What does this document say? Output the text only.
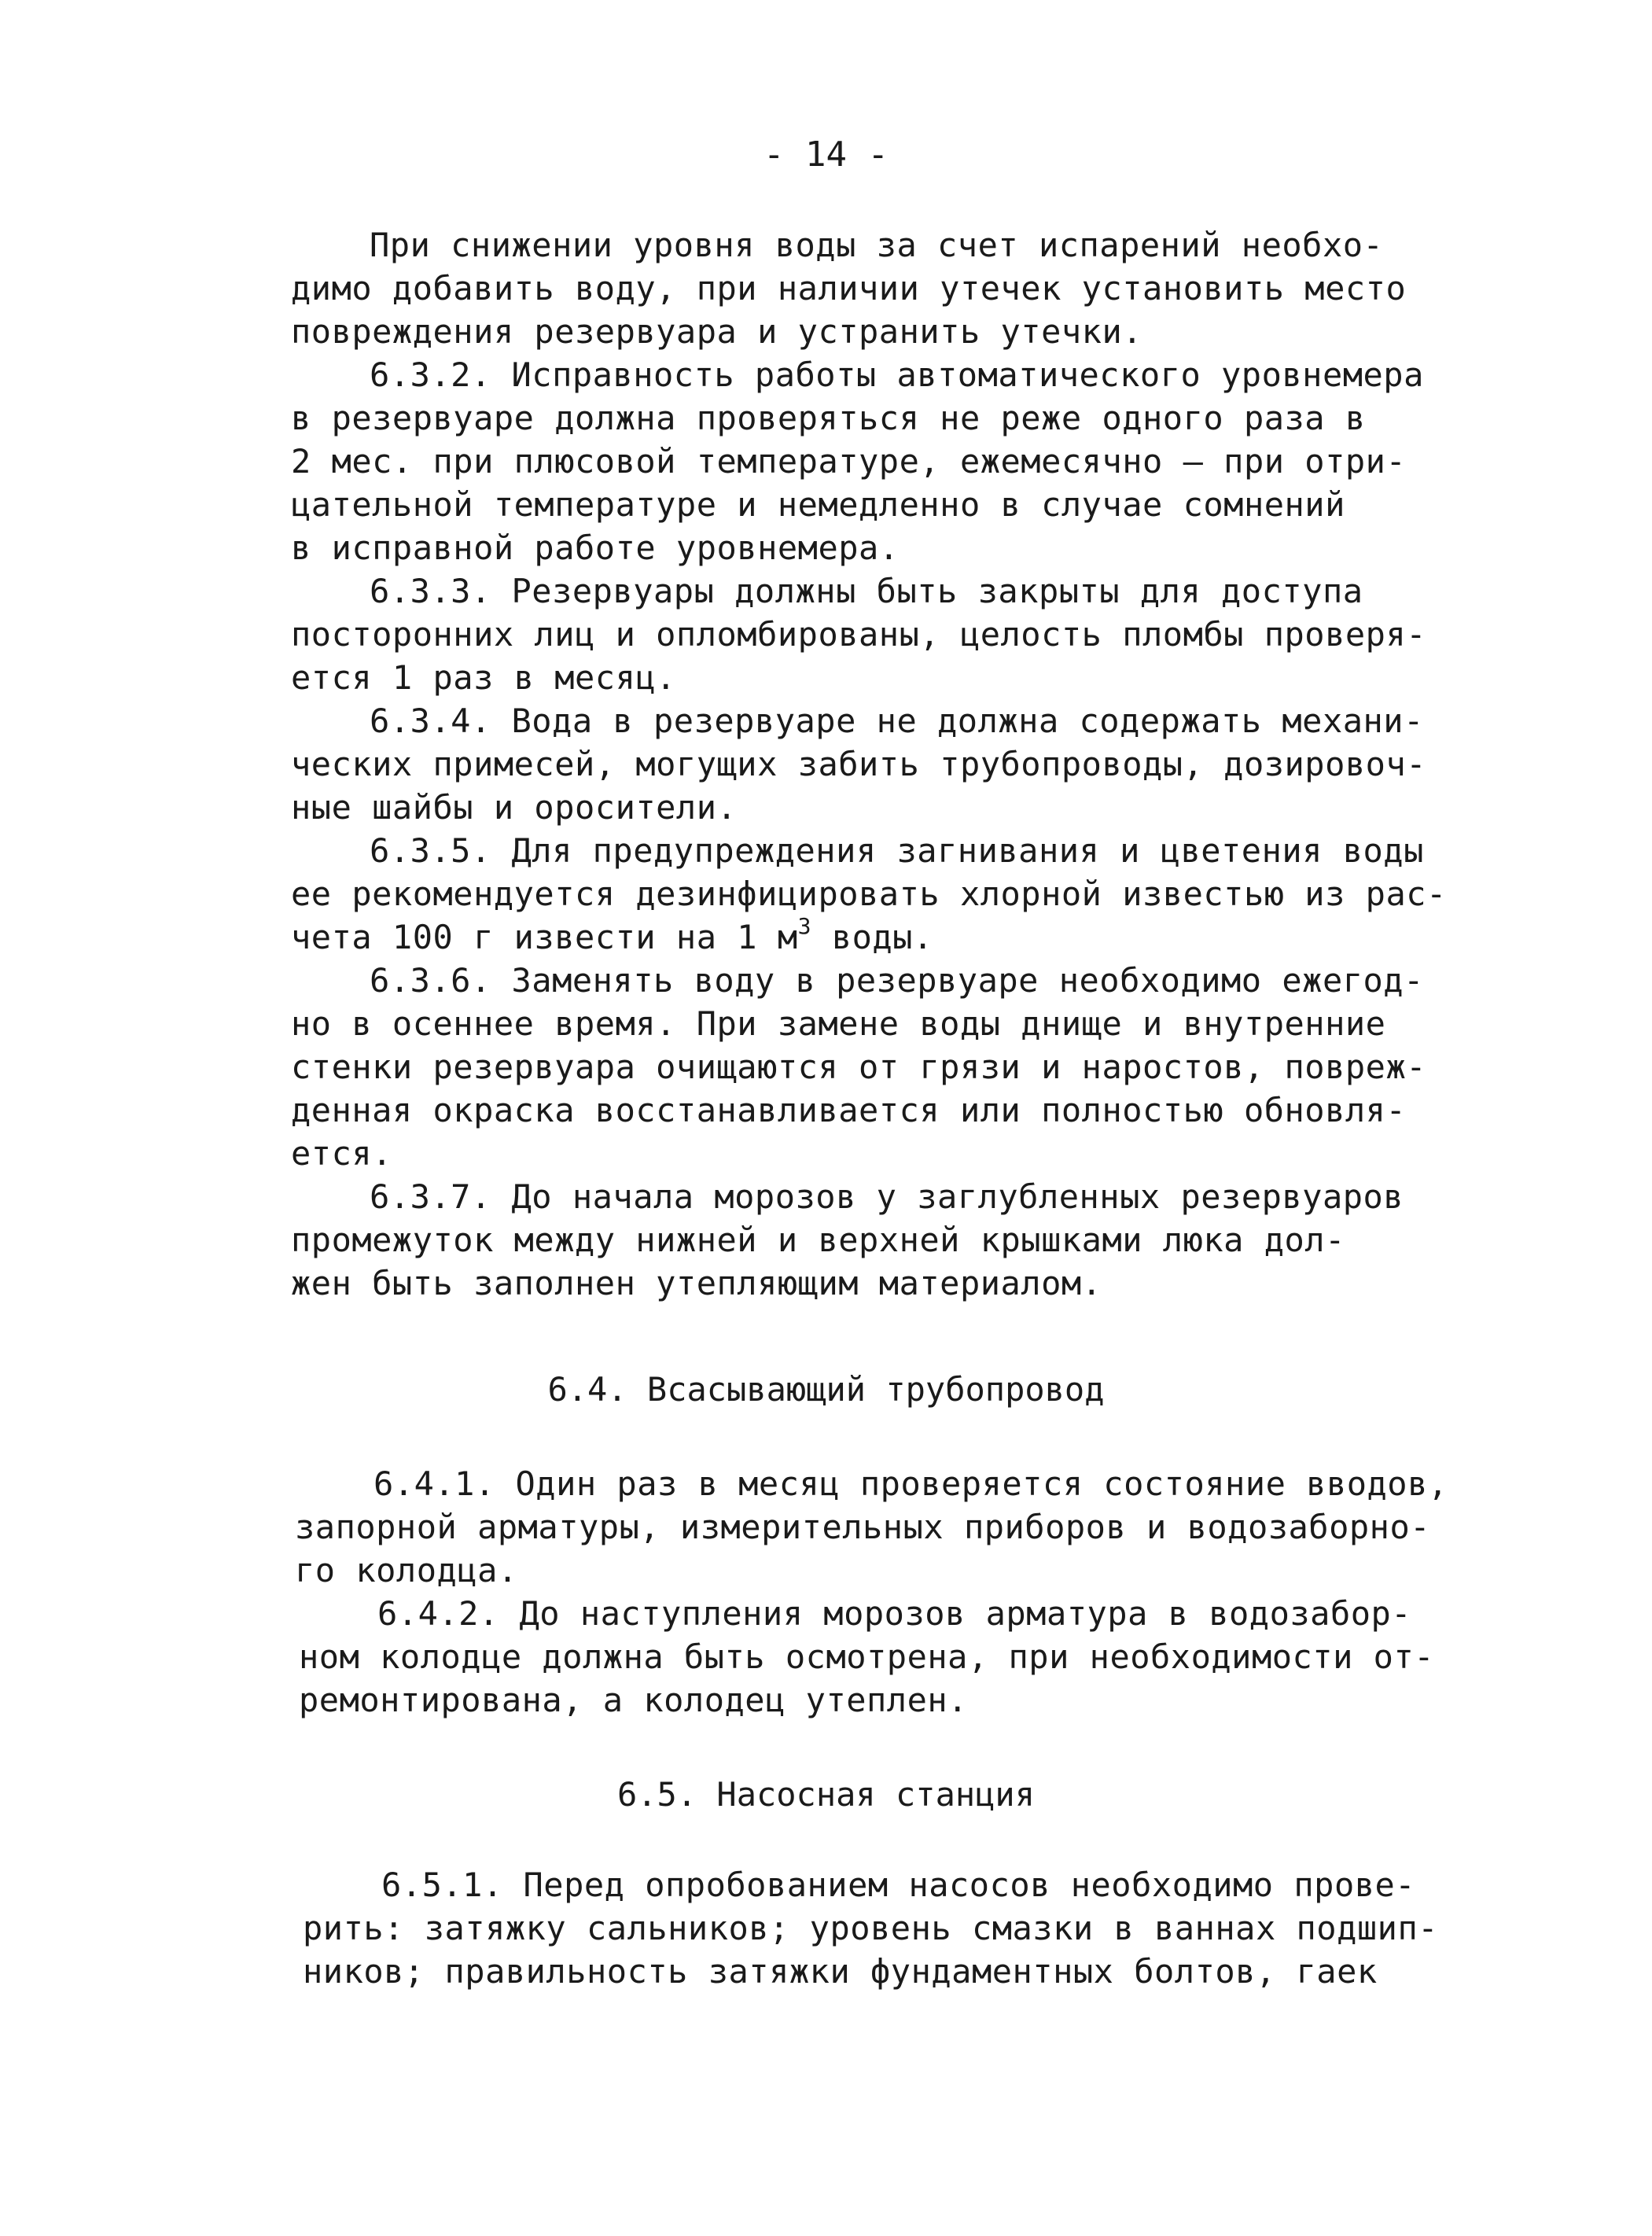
- 14 -
При снижении уровня воды за счет испарений необхо-
димо добавить воду, при наличии утечек установить место
повреждения резервуара и устранить утечки.
6.3.2. Исправность работы автоматического уровнемера
в резервуаре должна проверяться не реже одного раза в
2 мес. при плюсовой температуре, ежемесячно — при отри-
цательной температуре и немедленно в случае сомнений
в исправной работе уровнемера.
6.3.3. Резервуары должны быть закрыты для доступа
посторонних лиц и опломбированы, целость пломбы проверя-
ется 1 раз в месяц.
6.3.4. Вода в резервуаре не должна содержать механи-
ческих примесей, могущих забить трубопроводы, дозировоч-
ные шайбы и оросители.
6.3.5. Для предупреждения загнивания и цветения воды
ее рекомендуется дезинфицировать хлорной известью из рас-
чета 100 г извести на 1 $м^3$ воды.
6.3.6. Заменять воду в резервуаре необходимо ежегод-
но в осеннее время. При замене воды днище и внутренние
стенки резервуара очищаются от грязи и наростов, повреж-
денная окраска восстанавливается или полностью обновля-
ется.
6.3.7. До начала морозов у заглубленных резервуаров
промежуток между нижней и верхней крышками люка дол-
жен быть заполнен утепляющим материалом.
6.4. Всасывающий трубопровод
6.4.1. Один раз в месяц проверяется состояние вводов,
запорной арматуры, измерительных приборов и водозаборно-
го колодца.
6.4.2. До наступления морозов арматура в водозабор-
ном колодце должна быть осмотрена, при необходимости от-
ремонтирована, а колодец утеплен.
6.5. Насосная станция
6.5.1. Перед опробованием насосов необходимо прове-
рить: затяжку сальников; уровень смазки в ваннах подшип-
ников; правильность затяжки фундаментных болтов, гаек
